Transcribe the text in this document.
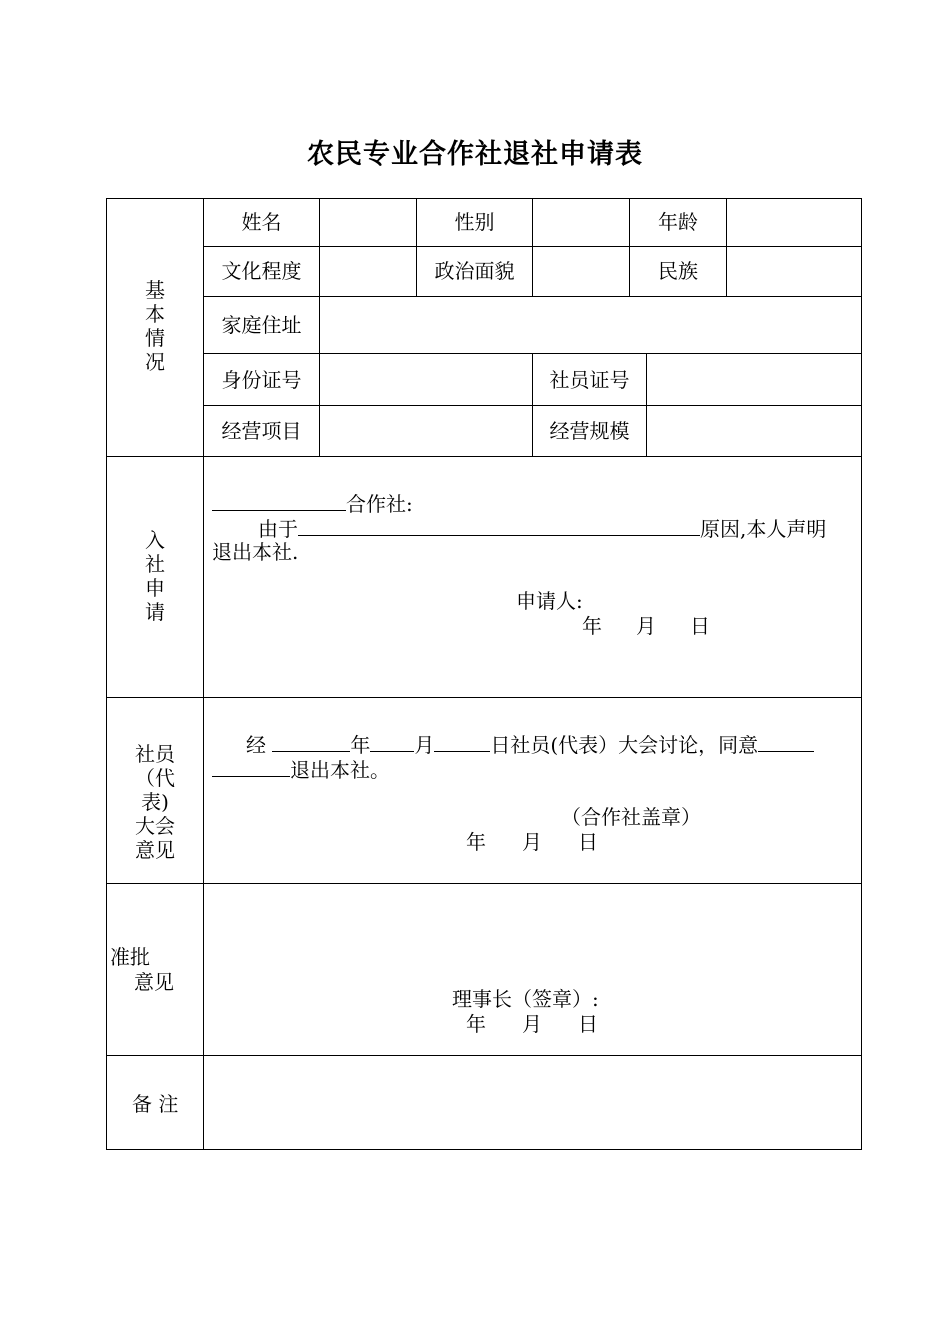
农民专业合作社退社申请表
基
本
情
况
姓名	性别	年龄
文化程度	政治面貌	民族
家庭住址
身份证号	社员证号
经营项目	经营规模
入
社
申
请
合作社:
由于	原因,本人声明
退出本社.
申请人:
年 月 日
社员
（代表)
大会
意见
经	年 月	日社员(代表）大会讨论，同意
退出本社。
（合作社盖章）
年 月 日
准批
意见
理事长（签章）:
年 月 日
备 注
